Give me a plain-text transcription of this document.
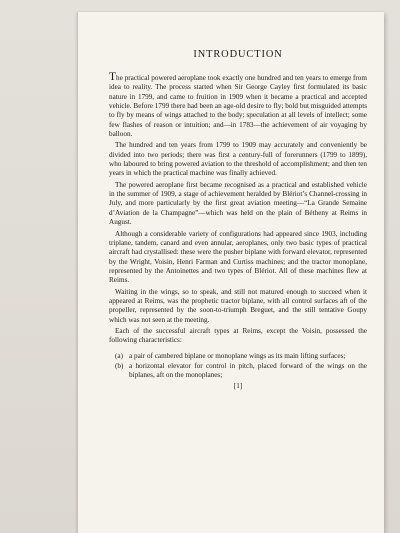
INTRODUCTION

The practical powered aeroplane took exactly one hundred and ten years to emerge from idea to reality. The process started when Sir George Cayley first formulated its basic nature in 1799, and came to fruition in 1909 when it became a practical and accepted vehicle. Before 1799 there had been an age-old desire to fly; bold but misguided attempts to fly by means of wings attached to the body; speculation at all levels of intellect; some few flashes of reason or intuition; and—in 1783—the achievement of air voyaging by balloon.

The hundred and ten years from 1799 to 1909 may accurately and conveniently be divided into two periods; there was first a century-full of forerunners (1799 to 1899), who laboured to bring powered aviation to the threshold of accomplishment; and then ten years in which the practical machine was finally achieved.

The powered aeroplane first became recognised as a practical and established vehicle in the summer of 1909, a stage of achievement heralded by Blériot’s Channel-crossing in July, and more particularly by the first great aviation meeting—“La Grande Semaine d’Aviation de la Champagne”—which was held on the plain of Bétheny at Reims in August.

Although a considerable variety of configurations had appeared since 1903, including triplane, tandem, canard and even annular, aeroplanes, only two basic types of practical aircraft had crystallised: these were the pusher biplane with forward elevator, represented by the Wright, Voisin, Henri Farman and Curtiss machines; and the tractor monoplane, represented by the Antoinettes and two types of Blériot. All of these machines flew at Reims.

Waiting in the wings, so to speak, and still not matured enough to succeed when it appeared at Reims, was the prophetic tractor biplane, with all control surfaces aft of the propeller, represented by the soon-to-triumph Breguet, and the still tentative Goupy which was not seen at the meeting.

Each of the successful aircraft types at Reims, except the Voisin, possessed the following characteristics:

(a) a pair of cambered biplane or monoplane wings as its main lifting surfaces;
(b) a horizontal elevator for control in pitch, placed forward of the wings on the biplanes, aft on the monoplanes;
[1]
